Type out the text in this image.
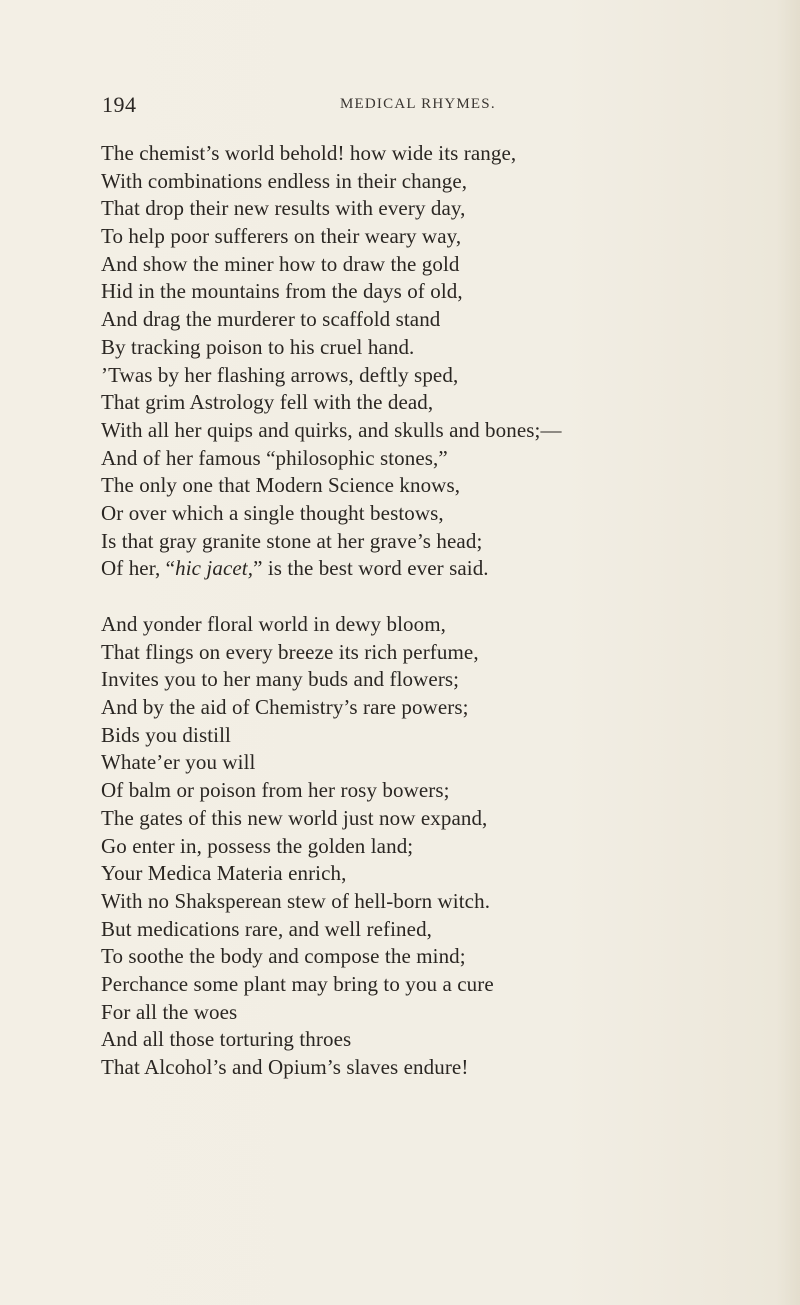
194	MEDICAL RHYMES.
The chemist’s world behold! how wide its range,
With combinations endless in their change,
That drop their new results with every day,
To help poor sufferers on their weary way,
And show the miner how to draw the gold
Hid in the mountains from the days of old,
And drag the murderer to scaffold stand
By tracking poison to his cruel hand.
’Twas by her flashing arrows, deftly sped,
That grim Astrology fell with the dead,
With all her quips and quirks, and skulls and bones;—
And of her famous “philosophic stones,”
The only one that Modern Science knows,
Or over which a single thought bestows,
Is that gray granite stone at her grave’s head;
Of her, “hic jacet,” is the best word ever said.
And yonder floral world in dewy bloom,
That flings on every breeze its rich perfume,
Invites you to her many buds and flowers;
And by the aid of Chemistry’s rare powers;
Bids you distill
Whate’er you will
Of balm or poison from her rosy bowers;
The gates of this new world just now expand,
Go enter in, possess the golden land;
Your Medica Materia enrich,
With no Shaksperean stew of hell-born witch.
But medications rare, and well refined,
To soothe the body and compose the mind;
Perchance some plant may bring to you a cure
For all the woes
And all those torturing throes
That Alcohol’s and Opium’s slaves endure!
